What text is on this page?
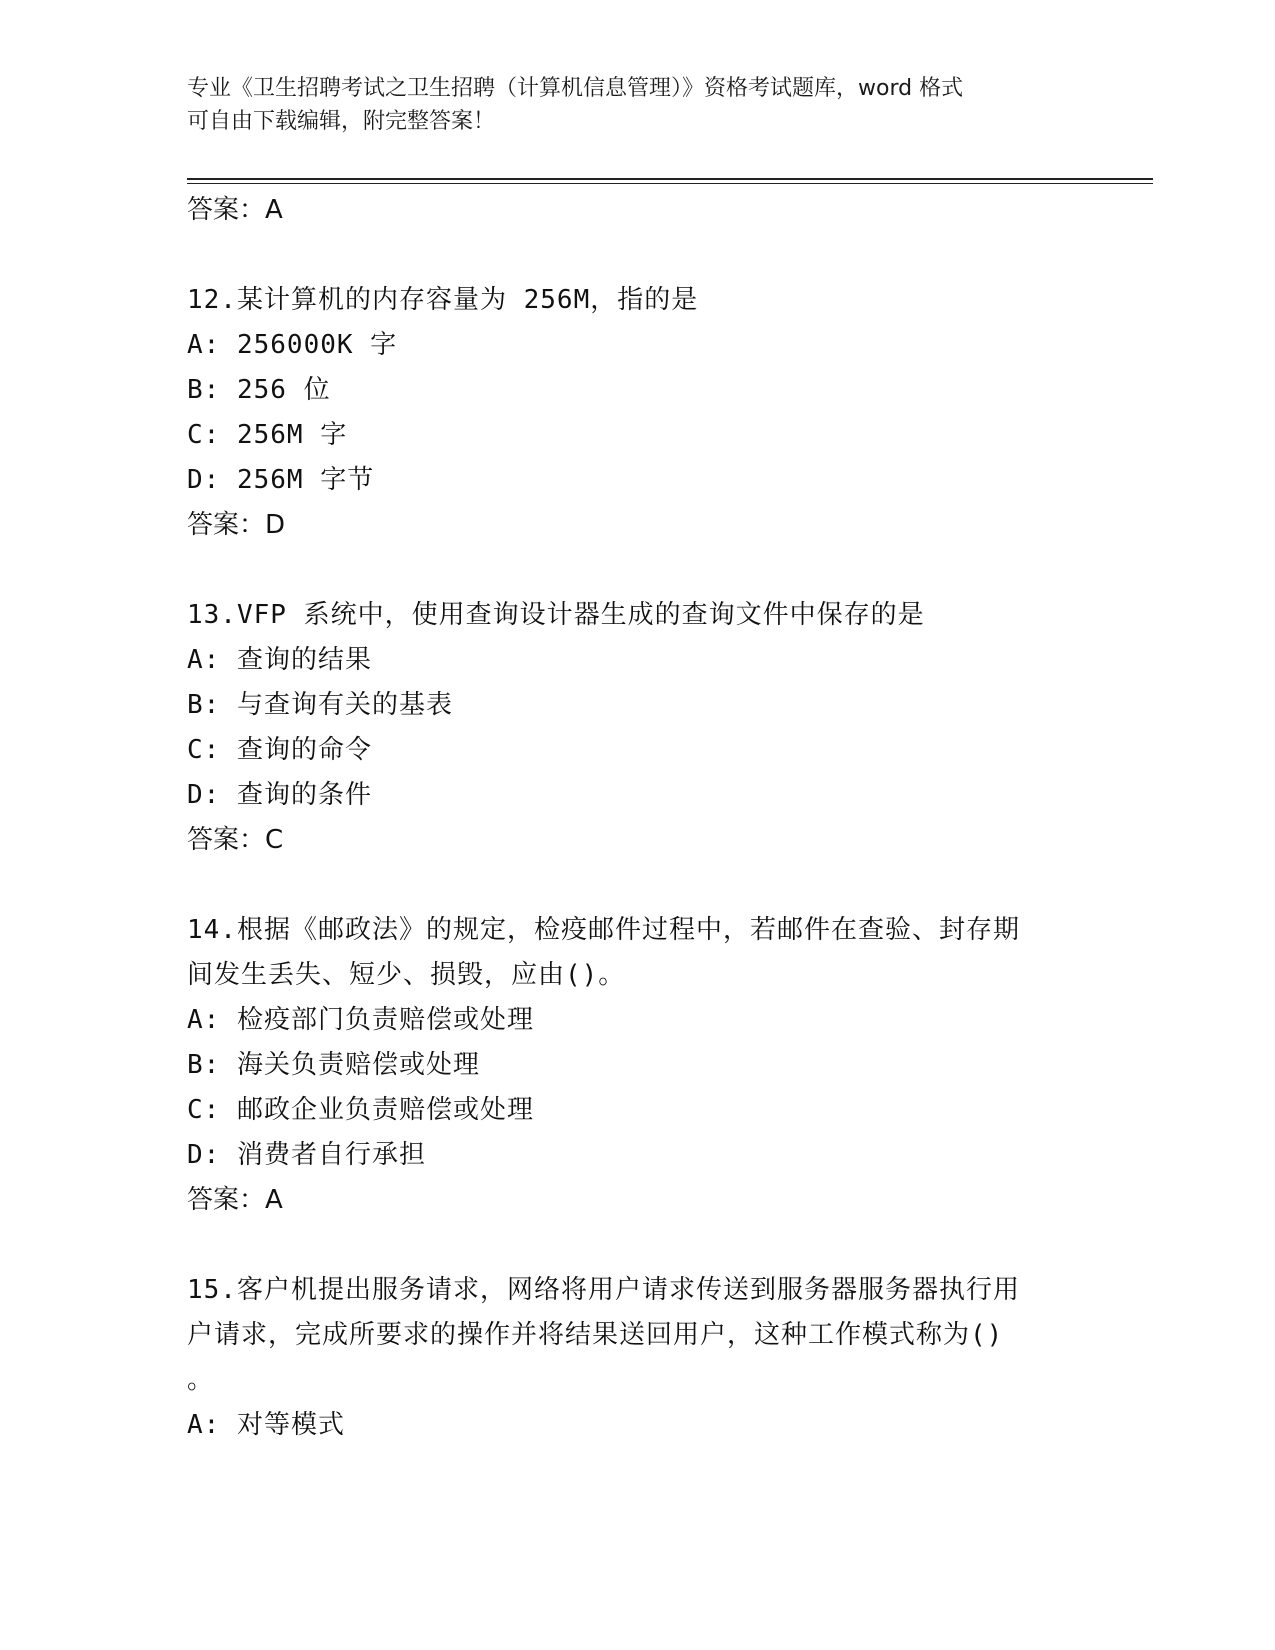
专业《卫生招聘考试之卫生招聘（计算机信息管理）》资格考试题库，word 格式
可自由下载编辑，附完整答案！
答案：A
12.某计算机的内存容量为 256M，指的是
A: 256000K 字
B: 256 位
C: 256M 字
D: 256M 字节
答案：D
13.VFP 系统中，使用查询设计器生成的查询文件中保存的是
A: 查询的结果
B: 与查询有关的基表
C: 查询的命令
D: 查询的条件
答案：C
14.根据《邮政法》的规定，检疫邮件过程中，若邮件在查验、封存期
间发生丢失、短少、损毁，应由()。
A: 检疫部门负责赔偿或处理
B: 海关负责赔偿或处理
C: 邮政企业负责赔偿或处理
D: 消费者自行承担
答案：A
15.客户机提出服务请求，网络将用户请求传送到服务器服务器执行用
户请求，完成所要求的操作并将结果送回用户，这种工作模式称为()
。
A: 对等模式
